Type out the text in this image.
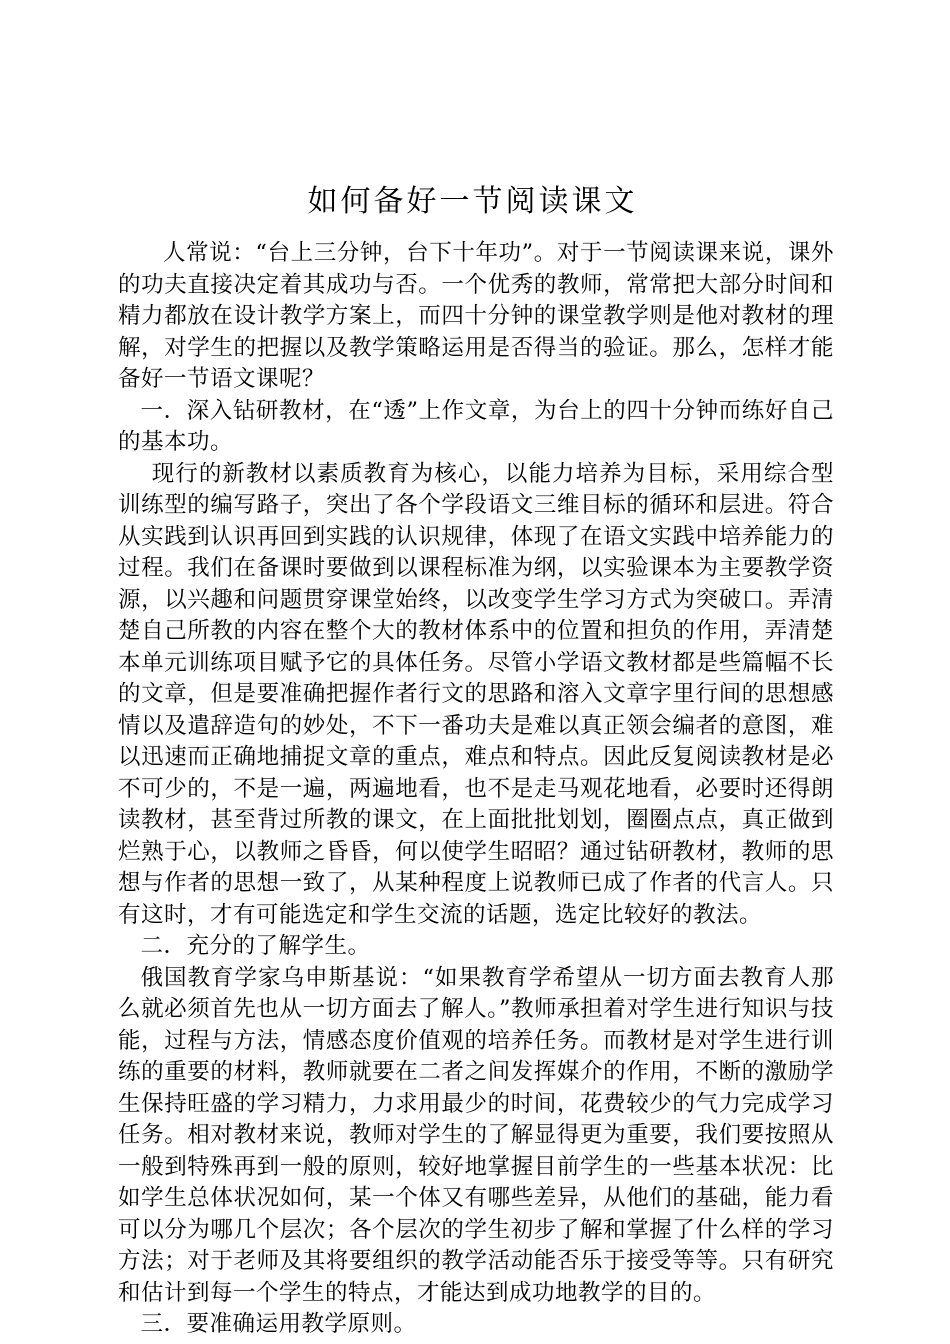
如何备好一节阅读课文

人常说：“台上三分钟，台下十年功”。对于一节阅读课来说，课外的功夫直接决定着其成功与否。一个优秀的教师，常常把大部分时间和精力都放在设计教学方案上，而四十分钟的课堂教学则是他对教材的理解，对学生的把握以及教学策略运用是否得当的验证。那么，怎样才能备好一节语文课呢？

一．深入钻研教材，在“透”上作文章，为台上的四十分钟而练好自己的基本功。

现行的新教材以素质教育为核心，以能力培养为目标，采用综合型训练型的编写路子，突出了各个学段语文三维目标的循环和层进。符合从实践到认识再回到实践的认识规律，体现了在语文实践中培养能力的过程。我们在备课时要做到以课程标准为纲，以实验课本为主要教学资源，以兴趣和问题贯穿课堂始终，以改变学生学习方式为突破口。弄清楚自己所教的内容在整个大的教材体系中的位置和担负的作用，弄清楚本单元训练项目赋予它的具体任务。尽管小学语文教材都是些篇幅不长的文章，但是要准确把握作者行文的思路和溶入文章字里行间的思想感情以及遣辞造句的妙处，不下一番功夫是难以真正领会编者的意图，难以迅速而正确地捕捉文章的重点，难点和特点。因此反复阅读教材是必不可少的，不是一遍，两遍地看，也不是走马观花地看，必要时还得朗读教材，甚至背过所教的课文，在上面批批划划，圈圈点点，真正做到烂熟于心，以教师之昏昏，何以使学生昭昭？通过钻研教材，教师的思想与作者的思想一致了，从某种程度上说教师已成了作者的代言人。只有这时，才有可能选定和学生交流的话题，选定比较好的教法。

二．充分的了解学生。

俄国教育学家乌申斯基说：“如果教育学希望从一切方面去教育人那么就必须首先也从一切方面去了解人。”教师承担着对学生进行知识与技能，过程与方法，情感态度价值观的培养任务。而教材是对学生进行训练的重要的材料，教师就要在二者之间发挥媒介的作用，不断的激励学生保持旺盛的学习精力，力求用最少的时间，花费较少的气力完成学习任务。相对教材来说，教师对学生的了解显得更为重要，我们要按照从一般到特殊再到一般的原则，较好地掌握目前学生的一些基本状况：比如学生总体状况如何，某一个体又有哪些差异，从他们的基础，能力看可以分为哪几个层次；各个层次的学生初步了解和掌握了什么样的学习方法；对于老师及其将要组织的教学活动能否乐于接受等等。只有研究和估计到每一个学生的特点，才能达到成功地教学的目的。

三．要准确运用教学原则。
